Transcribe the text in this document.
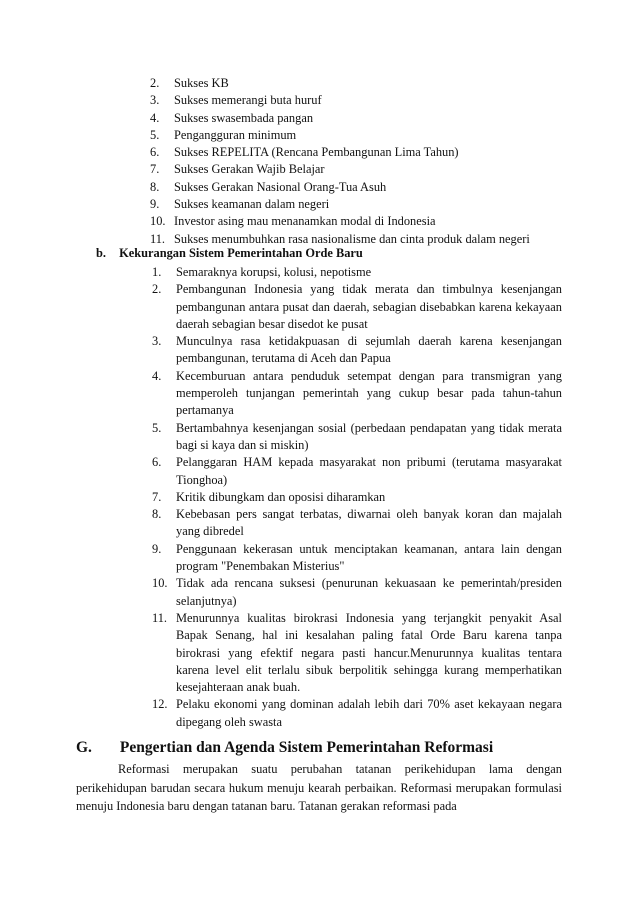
2.	Sukses KB
3.	Sukses memerangi buta huruf
4.	Sukses swasembada pangan
5.	Pengangguran minimum
6.	Sukses REPELITA (Rencana Pembangunan Lima Tahun)
7.	Sukses Gerakan Wajib Belajar
8.	Sukses Gerakan Nasional Orang-Tua Asuh
9.	Sukses keamanan dalam negeri
10. Investor asing mau menanamkan modal di Indonesia
11. Sukses menumbuhkan rasa nasionalisme dan cinta produk dalam negeri
b. Kekurangan Sistem Pemerintahan Orde Baru
1. Semaraknya korupsi, kolusi, nepotisme
2. Pembangunan Indonesia yang tidak merata dan timbulnya kesenjangan pembangunan antara pusat dan daerah, sebagian disebabkan karena kekayaan daerah sebagian besar disedot ke pusat
3. Munculnya rasa ketidakpuasan di sejumlah daerah karena kesenjangan pembangunan, terutama di Aceh dan Papua
4. Kecemburuan antara penduduk setempat dengan para transmigran yang memperoleh tunjangan pemerintah yang cukup besar pada tahun-tahun pertamanya
5. Bertambahnya kesenjangan sosial (perbedaan pendapatan yang tidak merata bagi si kaya dan si miskin)
6. Pelanggaran HAM kepada masyarakat non pribumi (terutama masyarakat Tionghoa)
7. Kritik dibungkam dan oposisi diharamkan
8. Kebebasan pers sangat terbatas, diwarnai oleh banyak koran dan majalah yang dibredel
9. Penggunaan kekerasan untuk menciptakan keamanan, antara lain dengan program "Penembakan Misterius"
10. Tidak ada rencana suksesi (penurunan kekuasaan ke pemerintah/presiden selanjutnya)
11. Menurunnya kualitas birokrasi Indonesia yang terjangkit penyakit Asal Bapak Senang, hal ini kesalahan paling fatal Orde Baru karena tanpa birokrasi yang efektif negara pasti hancur.Menurunnya kualitas tentara karena level elit terlalu sibuk berpolitik sehingga kurang memperhatikan kesejahteraan anak buah.
12. Pelaku ekonomi yang dominan adalah lebih dari 70% aset kekayaan negara dipegang oleh swasta
G. Pengertian dan Agenda Sistem Pemerintahan Reformasi

Reformasi merupakan suatu perubahan tatanan perikehidupan lama dengan perikehidupan barudan secara hukum menuju kearah perbaikan. Reformasi merupakan formulasi menuju Indonesia baru dengan tatanan baru. Tatanan gerakan reformasi pada
